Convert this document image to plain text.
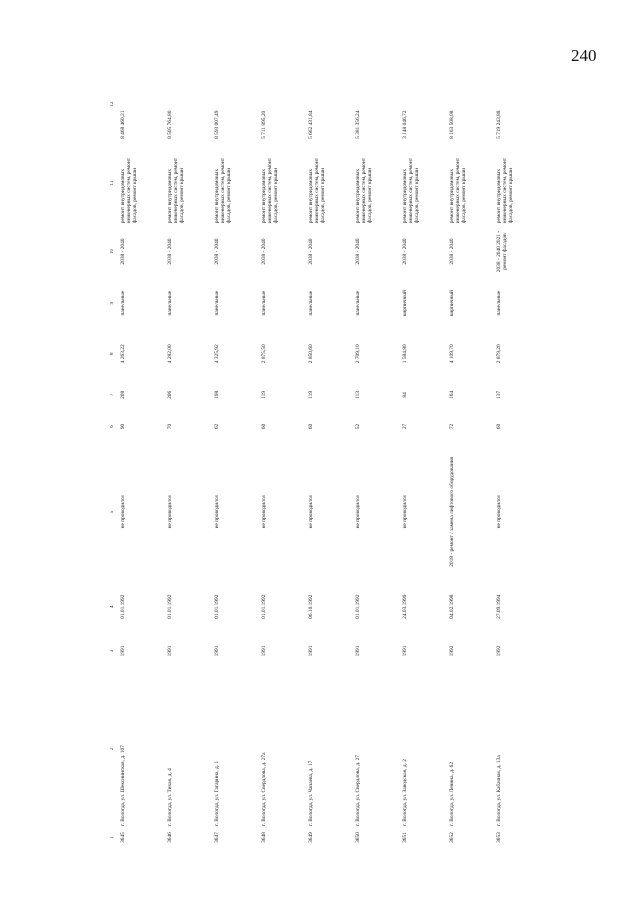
240
1	2	3	4	5	6	7	8	9	10	11	12
3645	г. Вологда, ул. Шекснинская, д. 107	1991	01.01.1992	не проводился	90	208	4 263,22	панельные	2038 - 2040	ремонт внутридомовых инженерных систем, ремонт фасадов, ремонт крыши	8 468 460,21
3646	г. Вологда, ул. Тихая, д. 4	1991	01.01.1992	не проводился	70	206	4 282,00	панельные	2038 - 2040	ремонт внутридомовых инженерных систем, ремонт фасадов, ремонт крыши	8 505 764,80
3647	г. Вологда, ул. Гагарина, д. 1	1991	01.01.1992	не проводился	62	198	4 325,92	панельные	2038 - 2040	ремонт внутридомовых инженерных систем, ремонт фасадов, ремонт крыши	8 593 007,49
3648	г. Вологда, ул. Свердлова, д. 27а	1991	01.01.1992	не проводился	60	119	2 875,50	панельные	2038 - 2040	ремонт внутридомовых инженерных систем, ремонт фасадов, ремонт крыши	5 711 895,20
3649	г. Вологда, ул. Чапаева, д. 17	1991	06.10.1992	не проводился	60	119	2 850,60	панельные	2038 - 2040	ремонт внутридомовых инженерных систем, ремонт фасадов, ремонт крыши	5 662 431,84
3650	г. Вологда, ул. Свердлова, д. 27	1991	01.01.1992	не проводился	52	113	2 709,10	панельные	2038 - 2040	ремонт внутридомовых инженерных систем, ремонт фасадов, ремонт крыши	5 381 356,24
3651	г. Вологда, ул. Заводская, д. 2	1991	24.03.1999	не проводился	27	84	1 584,80	кирпичный	2038 - 2040	ремонт внутридомовых инженерных систем, ремонт фасадов, ремонт крыши	3 148 046,72
3652	г. Вологда, ул. Ленина, д. 62	1992	04.02.1998	2018 - ремонт / замена лифтового оборудования	72	164	4 109,70	кирпичный	2038 - 2040	ремонт внутридомовых инженерных систем, ремонт фасадов, ремонт крыши	8 163 508,08
3653	г. Вологда, ул. Кабачная, д. 13а	1992	27.09.1994	не проводился	60	137	2 879,20	панельные	2038 - 2040 2021 - ремонт фасадов	ремонт внутридомовых инженерных систем, ремонт фасадов, ремонт крыши	5 719 243,88
